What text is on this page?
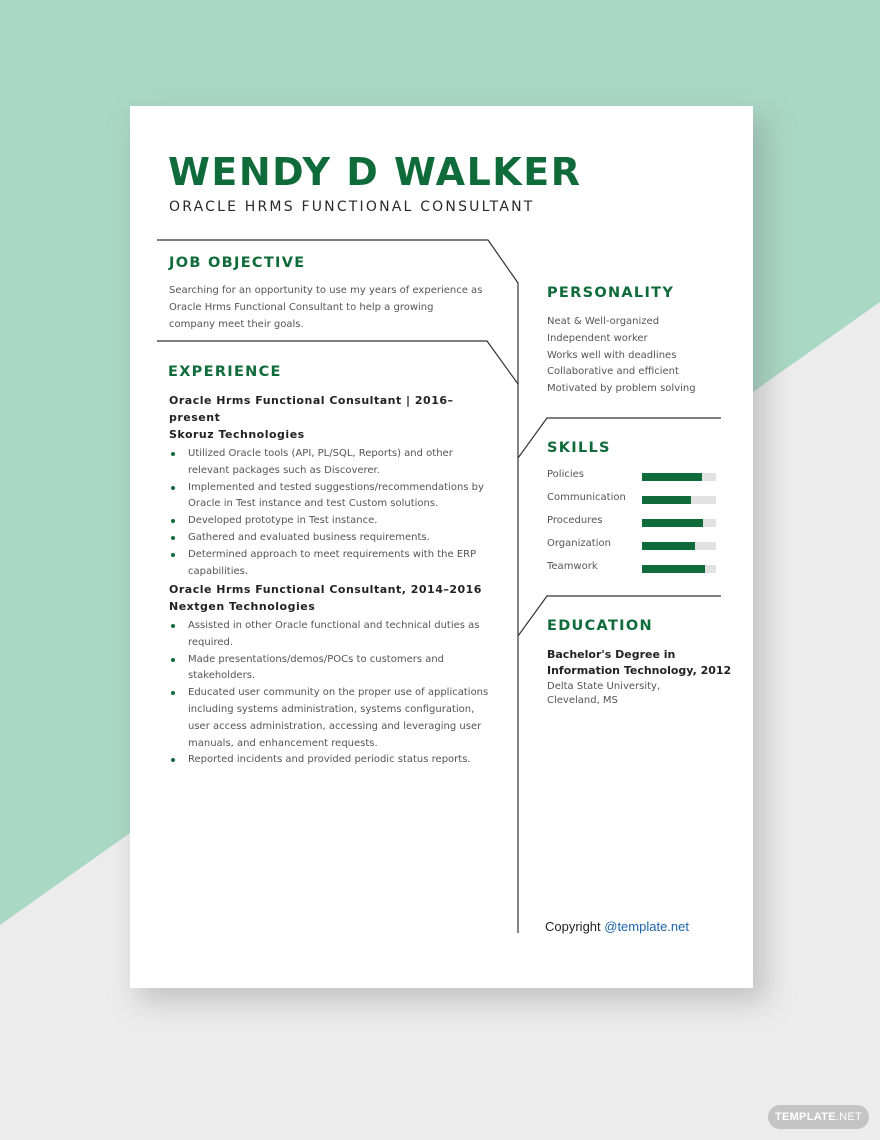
WENDY D WALKER
ORACLE HRMS FUNCTIONAL CONSULTANT
JOB OBJECTIVE
Searching for an opportunity to use my years of experience as
Oracle Hrms Functional Consultant to help a growing
company meet their goals.
EXPERIENCE
Oracle Hrms Functional Consultant | 2016–present
Skoruz Technologies
Utilized Oracle tools (API, PL/SQL, Reports) and other relevant packages such as Discoverer.
Implemented and tested suggestions/recommendations by Oracle in Test instance and test Custom solutions.
Developed prototype in Test instance.
Gathered and evaluated business requirements.
Determined approach to meet requirements with the ERP capabilities.
Oracle Hrms Functional Consultant, 2014–2016
Nextgen Technologies
Assisted in other Oracle functional and technical duties as required.
Made presentations/demos/POCs to customers and stakeholders.
Educated user community on the proper use of applications including systems administration, systems configuration, user access administration, accessing and leveraging user manuals, and enhancement requests.
Reported incidents and provided periodic status reports.
PERSONALITY
Neat & Well-organized
Independent worker
Works well with deadlines
Collaborative and efficient
Motivated by problem solving
SKILLS
Policies
Communication
Procedures
Organization
Teamwork
EDUCATION
Bachelor's Degree in
Information Technology, 2012
Delta State University,
Cleveland, MS
Copyright @template.net
TEMPLATE.NET
